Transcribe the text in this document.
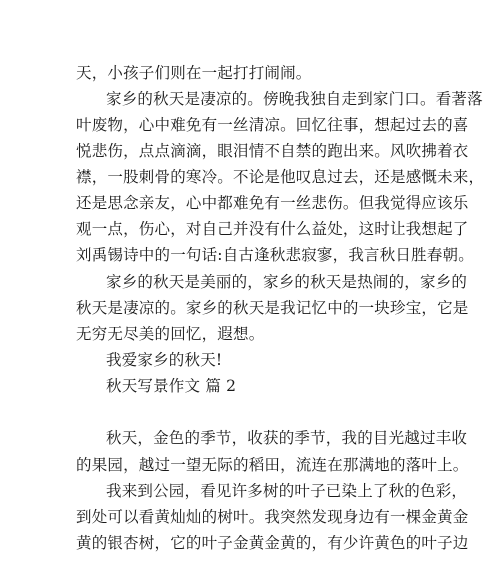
天，小孩子们则在一起打打闹闹。
家乡的秋天是凄凉的。傍晚我独自走到家门口。看著落
叶废物，心中难免有一丝清凉。回忆往事，想起过去的喜
悦悲伤，点点滴滴，眼泪情不自禁的跑出来。风吹拂着衣
襟，一股刺骨的寒冷。不论是他叹息过去，还是感慨未来，
还是思念亲友，心中都难免有一丝悲伤。但我觉得应该乐
观一点，伤心，对自己并没有什么益处，这时让我想起了
刘禹锡诗中的一句话:自古逢秋悲寂寥，我言秋日胜春朝。
家乡的秋天是美丽的，家乡的秋天是热闹的，家乡的
秋天是凄凉的。家乡的秋天是我记忆中的一块珍宝，它是
无穷无尽美的回忆，遐想。
我爱家乡的秋天!
秋天写景作文 篇 2
秋天，金色的季节，收获的季节，我的目光越过丰收
的果园，越过一望无际的稻田，流连在那满地的落叶上。
我来到公园，看见许多树的叶子已染上了秋的色彩，
到处可以看黄灿灿的树叶。我突然发现身边有一棵金黄金
黄的银杏树，它的叶子金黄金黄的，有少许黄色的叶子边
